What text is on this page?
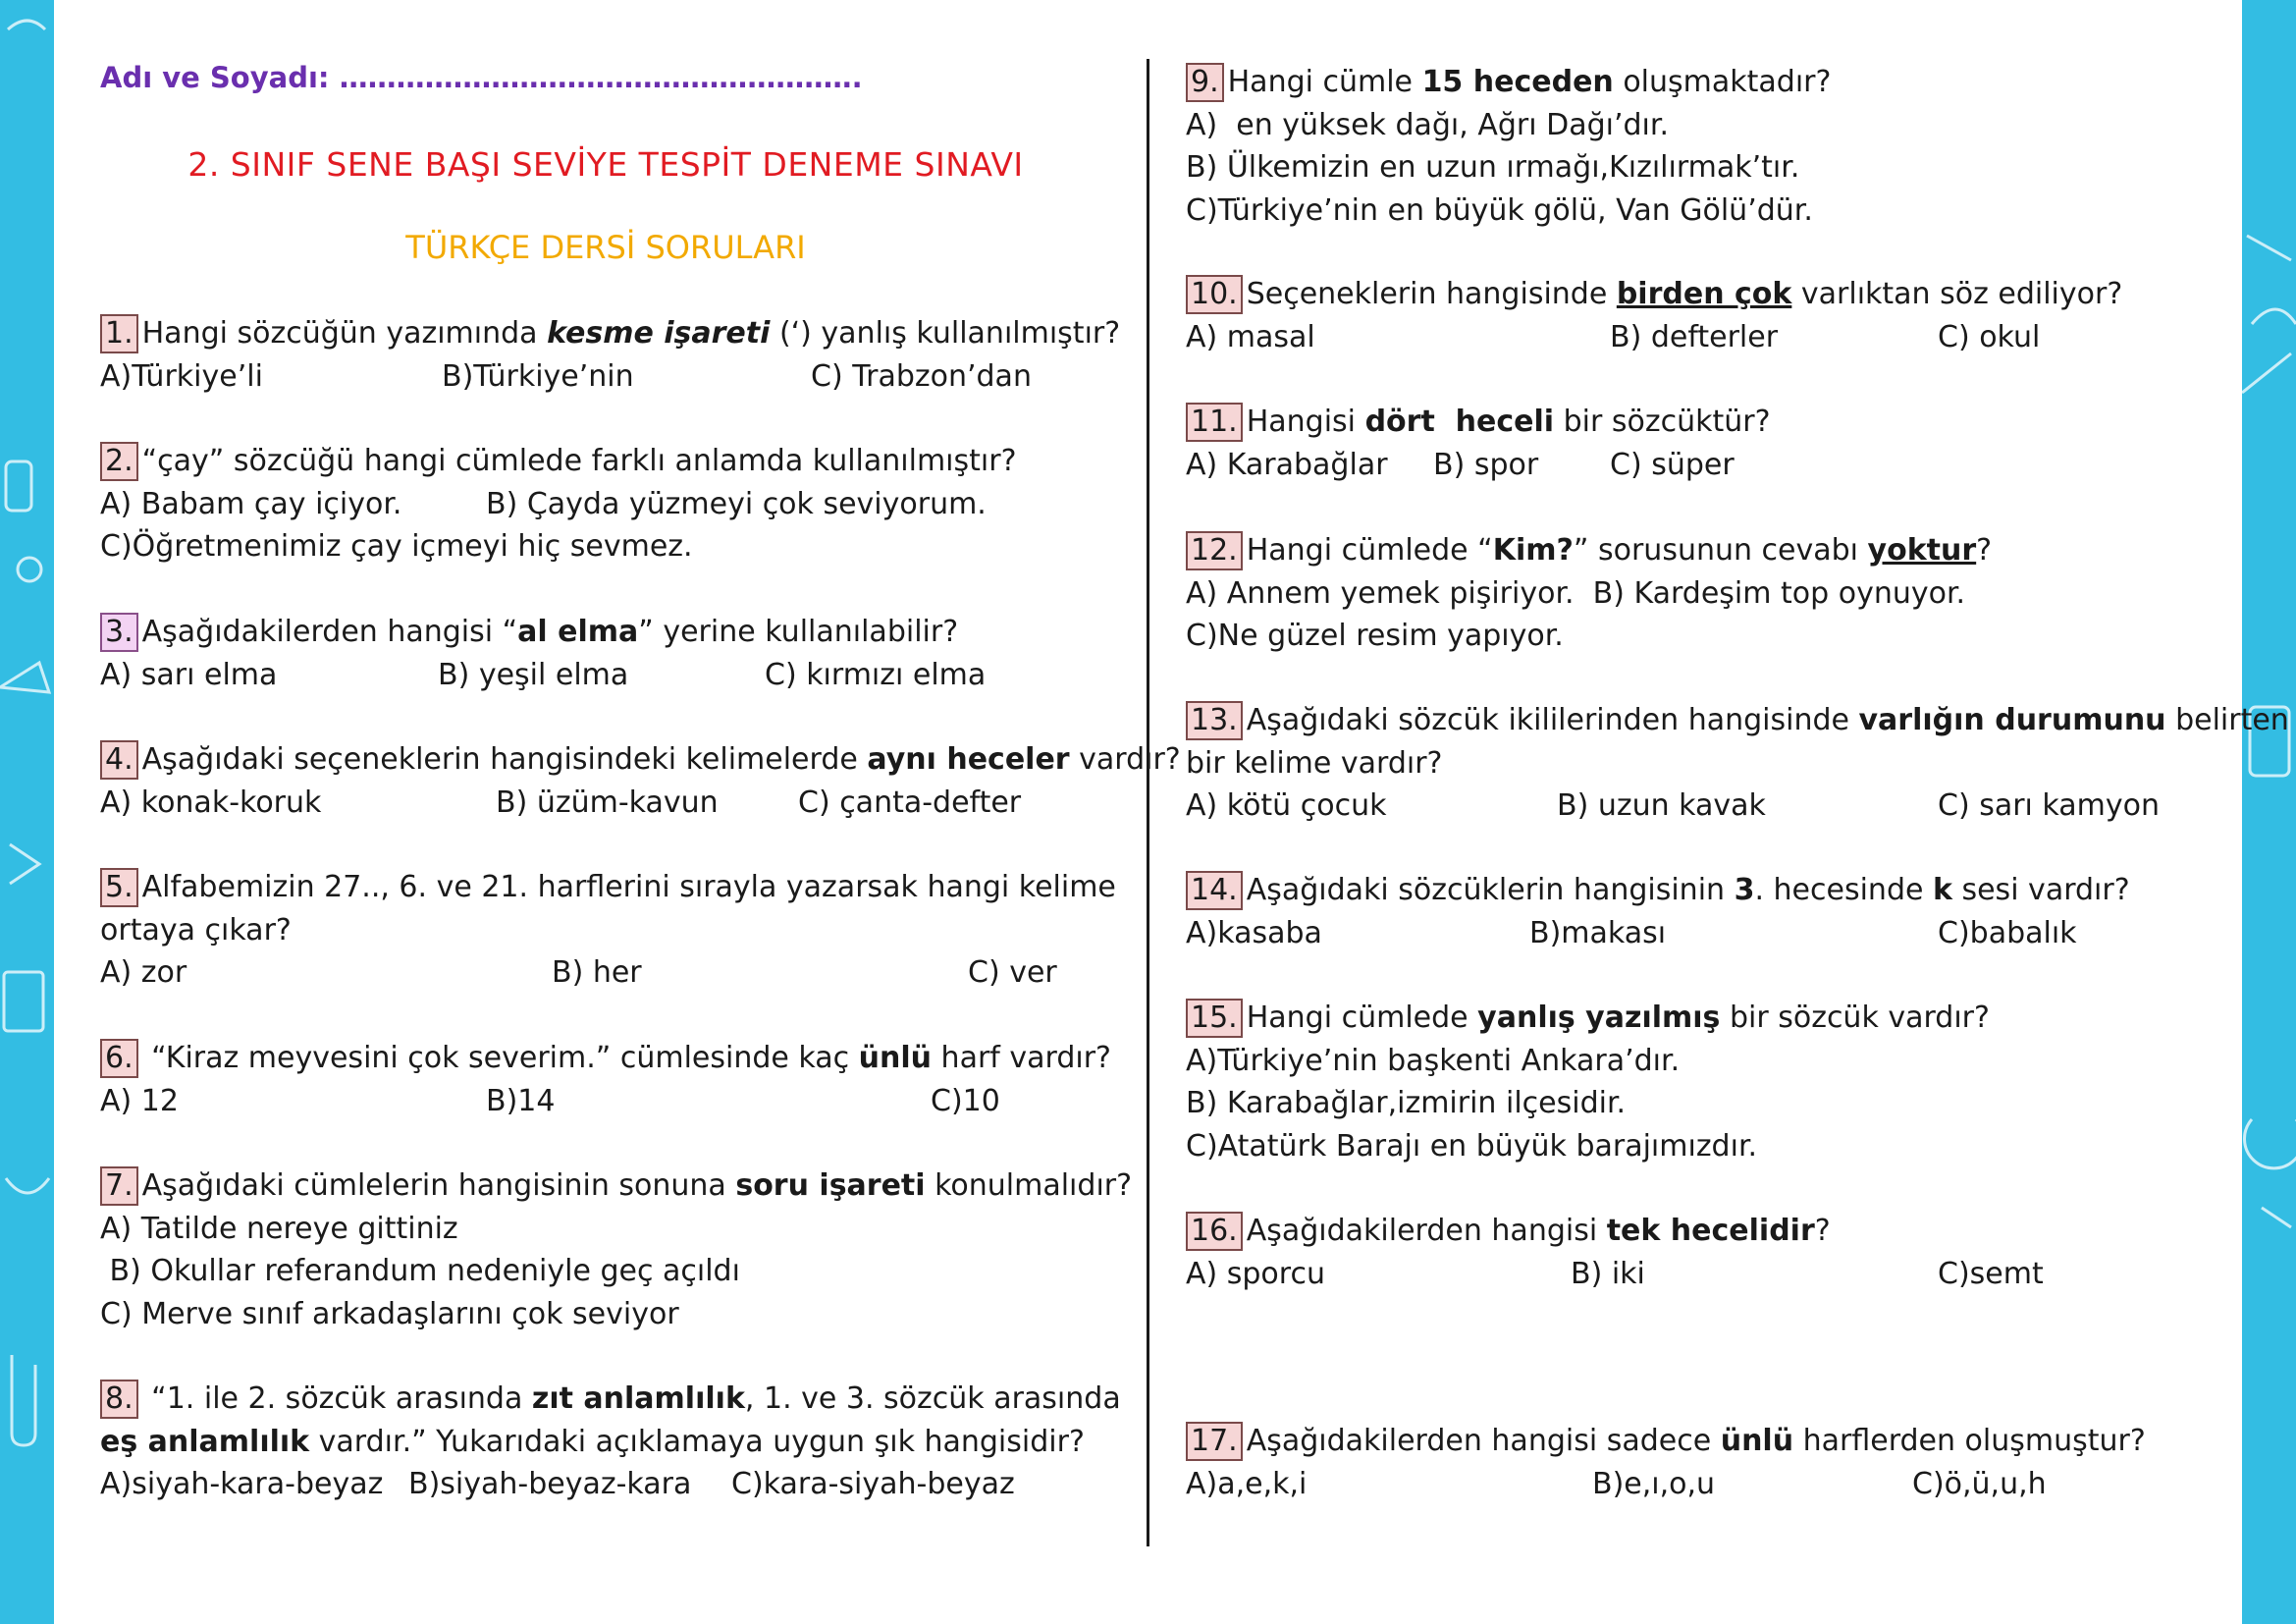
Adı ve Soyadı: ……………………………………………….
2. SINIF SENE BAŞI SEVİYE TESPİT DENEME SINAVI
TÜRKÇE DERSİ SORULARI
1. Hangi sözcüğün yazımında kesme işareti (‘) yanlış kullanılmıştır?
A)Türkiye’li	B)Türkiye’nin	C) Trabzon’dan
2. “çay” sözcüğü hangi cümlede farklı anlamda kullanılmıştır?
A) Babam çay içiyor.	B) Çayda yüzmeyi çok seviyorum.
C)Öğretmenimiz çay içmeyi hiç sevmez.
3. Aşağıdakilerden hangisi “al elma” yerine kullanılabilir?
A) sarı elma	B) yeşil elma	C) kırmızı elma
4. Aşağıdaki seçeneklerin hangisindeki kelimelerde aynı heceler vardır?
A) konak-koruk	B) üzüm-kavun	C) çanta-defter
5. Alfabemizin 27.., 6. ve 21. harflerini sırayla yazarsak hangi kelime
ortaya çıkar?
A) zor	B) her	C) ver
6. “Kiraz meyvesini çok severim.” cümlesinde kaç ünlü harf vardır?
A) 12	B)14	C)10
7. Aşağıdaki cümlelerin hangisinin sonuna soru işareti konulmalıdır?
A) Tatilde nereye gittiniz
B) Okullar referandum nedeniyle geç açıldı
C) Merve sınıf arkadaşlarını çok seviyor
8. “1. ile 2. sözcük arasında zıt anlamlılık, 1. ve 3. sözcük arasında
eş anlamlılık vardır.” Yukarıdaki açıklamaya uygun şık hangisidir?
A)siyah-kara-beyaz B)siyah-beyaz-kara C)kara-siyah-beyaz
9. Hangi cümle 15 heceden oluşmaktadır?
A)  en yüksek dağı, Ağrı Dağı’dır.
B) Ülkemizin en uzun ırmağı,Kızılırmak’tır.
C)Türkiye’nin en büyük gölü, Van Gölü’dür.
10. Seçeneklerin hangisinde birden çok varlıktan söz ediliyor?
A) masal	B) defterler	C) okul
11. Hangisi dört  heceli bir sözcüktür?
A) Karabağlar B) spor C) süper
12. Hangi cümlede “Kim?” sorusunun cevabı yoktur?
A) Annem yemek pişiriyor.  B) Kardeşim top oynuyor.
C)Ne güzel resim yapıyor.
13. Aşağıdaki sözcük ikililerinden hangisinde varlığın durumunu belirten
bir kelime vardır?
A) kötü çocuk	B) uzun kavak	C) sarı kamyon
14. Aşağıdaki sözcüklerin hangisinin 3. hecesinde k sesi vardır?
A)kasaba	B)makası	C)babalık
15. Hangi cümlede yanlış yazılmış bir sözcük vardır?
A)Türkiye’nin başkenti Ankara’dır.
B) Karabağlar,izmirin ilçesidir.
C)Atatürk Barajı en büyük barajımızdır.
16. Aşağıdakilerden hangisi tek hecelidir?
A) sporcu	B) iki	C)semt
17. Aşağıdakilerden hangisi sadece ünlü harflerden oluşmuştur?
A)a,e,k,i	B)e,ı,o,u	C)ö,ü,u,h
